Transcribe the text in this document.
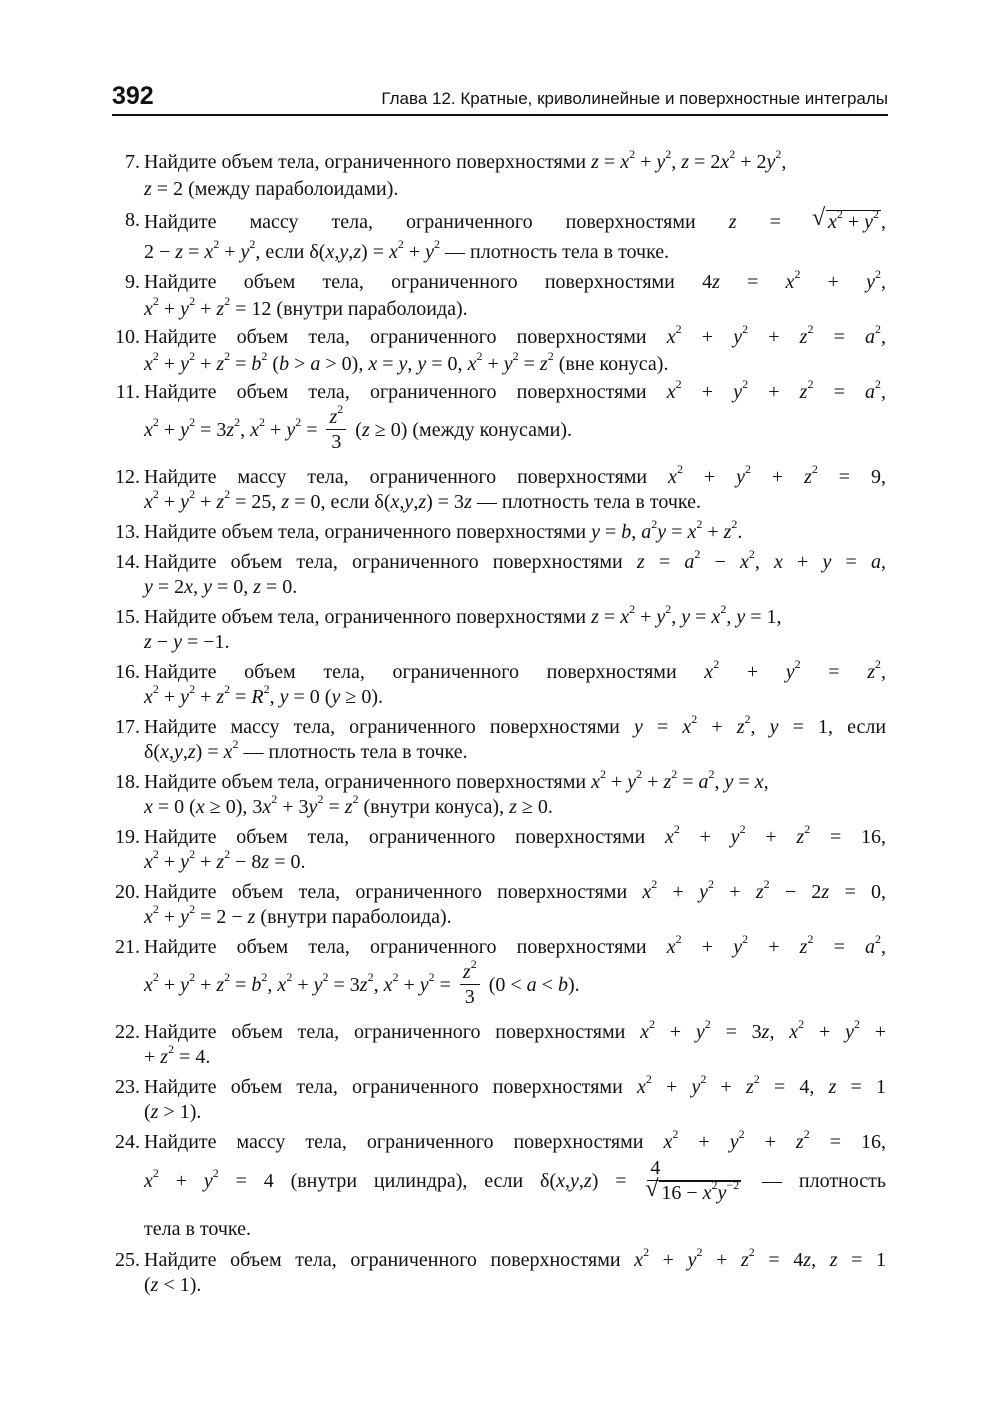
392	Глава 12. Кратные, криволинейные и поверхностные интегралы
7. Найдите объем тела, ограниченного поверхностями $z = x^2 + y^2$, $z = 2x^2 + 2y^2$,
z = 2 (между параболоидами).
8. Найдите массу тела, ограниченного поверхностями z = √ $x^2 + y^2$ ,
$2 - z = x^2 + y^2$, если $\delta(x,y,z) = x^2 + y^2$ — плотность тела в точке.
9. Найдите объем тела, ограниченного поверхностями $4z = x^2 + y^2$,
$x^2 + y^2 + z^2 = 12$ (внутри параболоида).
10. Найдите объем тела, ограниченного поверхностями $x^2 + y^2 + z^2 = a^2$,
$x^2 + y^2 + z^2 = b^2$ (b > a > 0), x = y, y = 0, $x^2 + y^2 = z^2$ (вне конуса).
11. Найдите объем тела, ограниченного поверхностями $x^2 + y^2 + z^2 = a^2$,
$x^2 + y^2 = 3z^2$, $x^2 + y^2 = \frac{z^2}{3} (z \ge 0)$ (между конусами).
12. Найдите массу тела, ограниченного поверхностями $x^2 + y^2 + z^2 = 9$,
$x^2 + y^2 + z^2 = 25$, z = 0, если δ(x,y,z) = 3z — плотность тела в точке.
13. Найдите объем тела, ограниченного поверхностями y = b, $a^2y = x^2 + z^2$.
14. Найдите объем тела, ограниченного поверхностями $z = a^2 - x^2$, x + y = a,
y = 2x, y = 0, z = 0.
15. Найдите объем тела, ограниченного поверхностями $z = x^2 + y^2$, $y = x^2$, y = 1,
z − y = −1.
16. Найдите объем тела, ограниченного поверхностями $x^2 + y^2 = z^2$,
$x^2 + y^2 + z^2 = R^2$, y = 0 (y ≥ 0).
17. Найдите массу тела, ограниченного поверхностями $y = x^2 + z^2$, y = 1, если
$\delta(x,y,z) = x^2$ — плотность тела в точке.
18. Найдите объем тела, ограниченного поверхностями $x^2 + y^2 + z^2 = a^2$, y = x,
x = 0 (x ≥ 0), $3x^2 + 3y^2 = z^2$ (внутри конуса), z ≥ 0.
19. Найдите объем тела, ограниченного поверхностями $x^2 + y^2 + z^2 = 16$,
$x^2 + y^2 + z^2 - 8z = 0$.
20. Найдите объем тела, ограниченного поверхностями $x^2 + y^2 + z^2 - 2z = 0$,
$x^2 + y^2 = 2 - z$ (внутри параболоида).
21. Найдите объем тела, ограниченного поверхностями $x^2 + y^2 + z^2 = a^2$,
$x^2 + y^2 + z^2 = b^2$, $x^2 + y^2 = 3z^2$, $x^2 + y^2 = \frac{z^2}{3} (0 < a < b)$.
22. Найдите объем тела, ограниченного поверхностями $x^2 + y^2 = 3z$, $x^2 + y^2$ +
+ $z^2 = 4$.
23. Найдите объем тела, ограниченного поверхностями $x^2 + y^2 + z^2 = 4$, z = 1
(z > 1).
24. Найдите массу тела, ограниченного поверхностями $x^2 + y^2 + z^2 = 16$,
$x^2 + y^2 = 4$ (внутри цилиндра), если δ(x,y,z) = 4
√ $16 - x^2y^{-2}$ — плотность
тела в точке.
25. Найдите объем тела, ограниченного поверхностями $x^2 + y^2 + z^2 = 4z$, z = 1
(z < 1).
